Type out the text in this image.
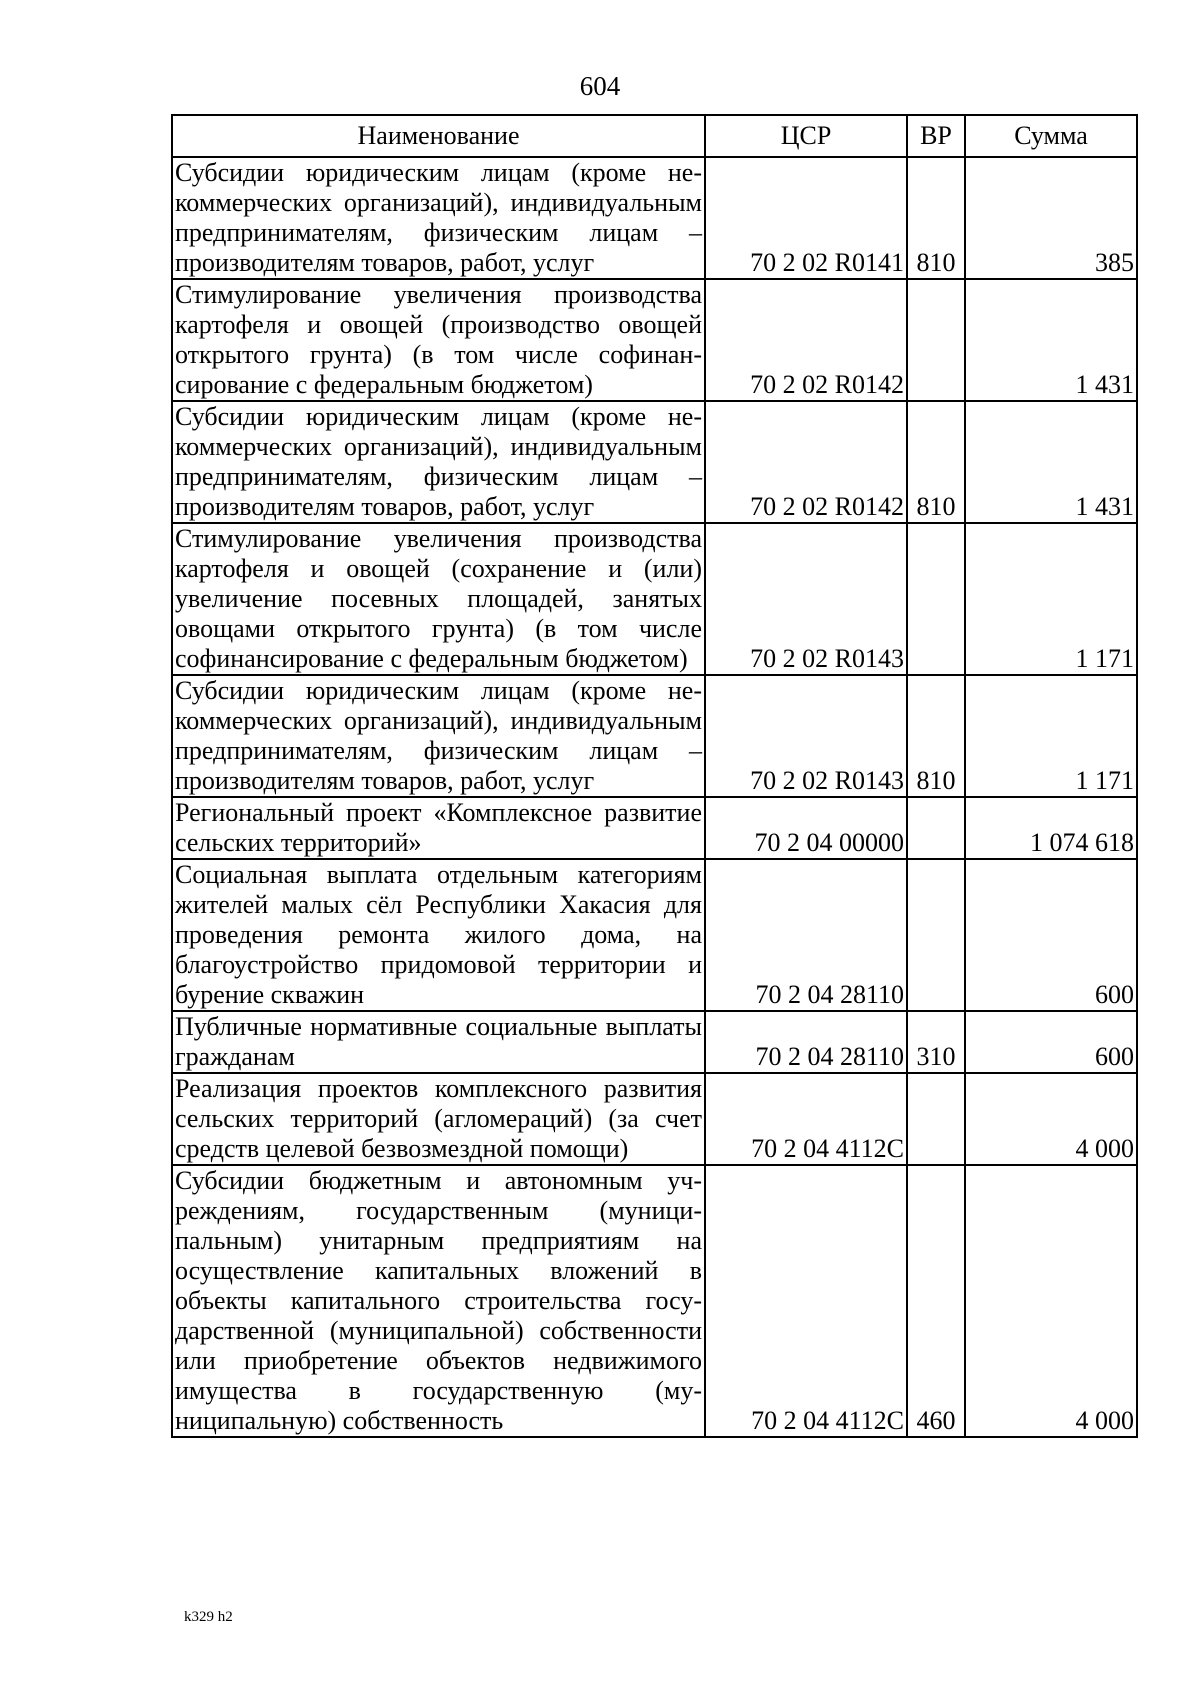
604
Наименование	ЦСР	ВР	Сумма
Субсидии юридическим лицам (кроме некоммерческих организаций), индивидуальным предпринимателям, физическим лицам – производителям товаров, работ, услуг	70 2 02 R0141	810	385
Стимулирование увеличения производства картофеля и овощей (производство овощей открытого грунта) (в том числе софинансирование с федеральным бюджетом)	70 2 02 R0142		1 431
Субсидии юридическим лицам (кроме некоммерческих организаций), индивидуальным предпринимателям, физическим лицам – производителям товаров, работ, услуг	70 2 02 R0142	810	1 431
Стимулирование увеличения производства картофеля и овощей (сохранение и (или) увеличение посевных площадей, занятых овощами открытого грунта) (в том числе софинансирование с федеральным бюджетом)	70 2 02 R0143		1 171
Субсидии юридическим лицам (кроме некоммерческих организаций), индивидуальным предпринимателям, физическим лицам – производителям товаров, работ, услуг	70 2 02 R0143	810	1 171
Региональный проект «Комплексное развитие сельских территорий»	70 2 04 00000		1 074 618
Социальная выплата отдельным категориям жителей малых сёл Республики Хакасия для проведения ремонта жилого дома, на благоустройство придомовой территории и бурение скважин	70 2 04 28110		600
Публичные нормативные социальные выплаты гражданам	70 2 04 28110	310	600
Реализация проектов комплексного развития сельских территорий (агломераций) (за счет средств целевой безвозмездной помощи)	70 2 04 4112C		4 000
Субсидии бюджетным и автономным учреждениям, государственным (муниципальным) унитарным предприятиям на осуществление капитальных вложений в объекты капитального строительства государственной (муниципальной) собственности или приобретение объектов недвижимого имущества в государственную (муниципальную) собственность	70 2 04 4112C	460	4 000
k329 h2
